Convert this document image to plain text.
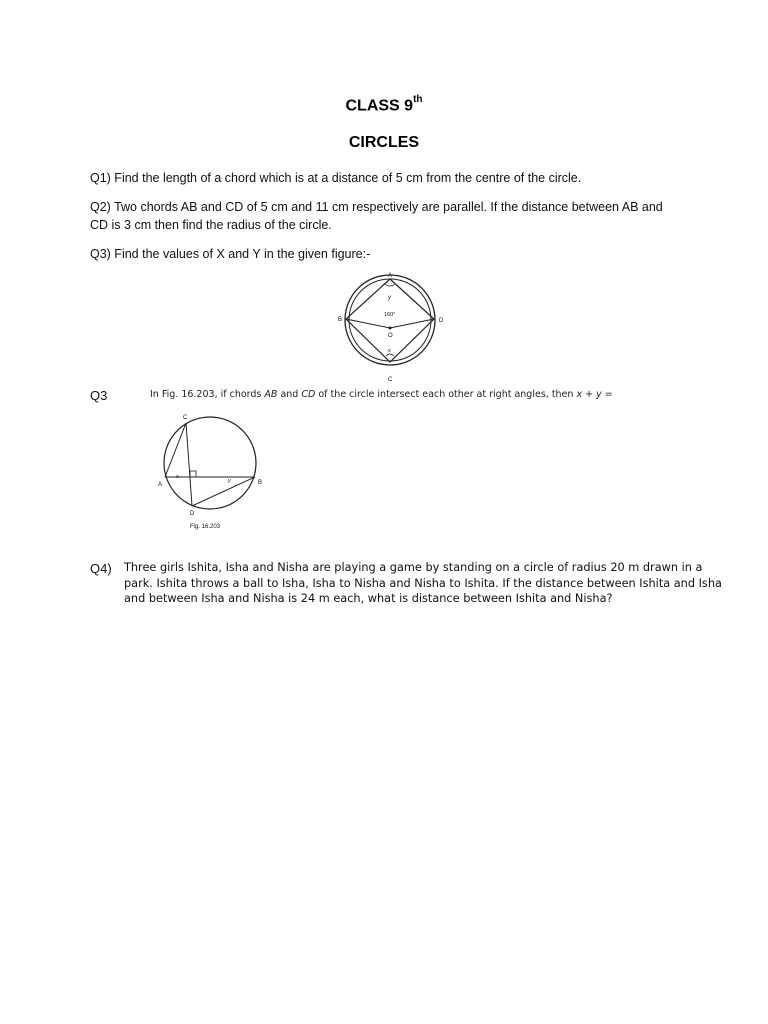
CLASS 9th
CIRCLES
Q1) Find the length of a chord which is at a distance of 5 cm from the centre of the circle.
Q2) Two chords AB and CD of 5 cm and 11 cm respectively are parallel. If the distance between AB and CD is 3 cm then find the radius of the circle.
Q3) Find the values of X and Y in the given figure:-
A
B	D
C
y
160°
O
x
Q3	In Fig. 16.203, if chords AB and CD of the circle intersect each other at right angles, then x + y =
C
A	B
D
x
y
Fig. 16.203
Q4) Three girls Ishita, Isha and Nisha are playing a game by standing on a circle of radius 20 m drawn in a park. Ishita throws a ball to Isha, Isha to Nisha and Nisha to Ishita. If the distance between Ishita and Isha and between Isha and Nisha is 24 m each, what is distance between Ishita and Nisha?
